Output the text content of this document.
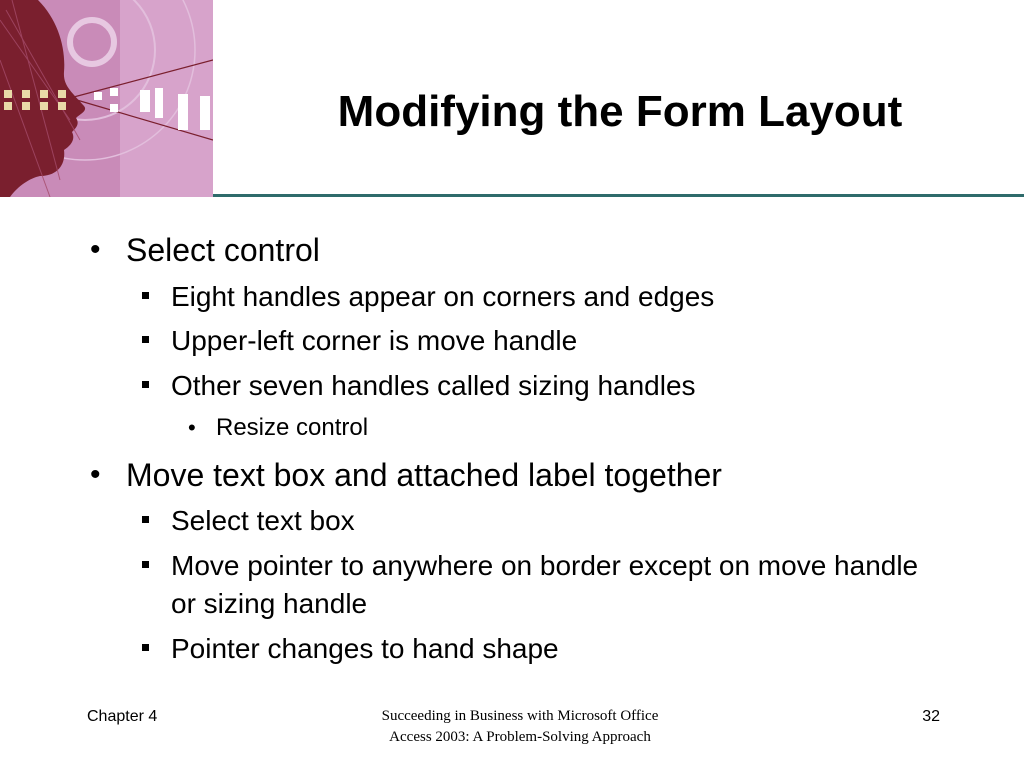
Modifying the Form Layout
• Select control
Eight handles appear on corners and edges
Upper-left corner is move handle
Other seven handles called sizing handles
• Resize control
• Move text box and attached label together
Select text box
Move pointer to anywhere on border except on move handle or sizing handle
Pointer changes to hand shape
Chapter 4	Succeeding in Business with Microsoft Office
Access 2003: A Problem-Solving Approach
32
